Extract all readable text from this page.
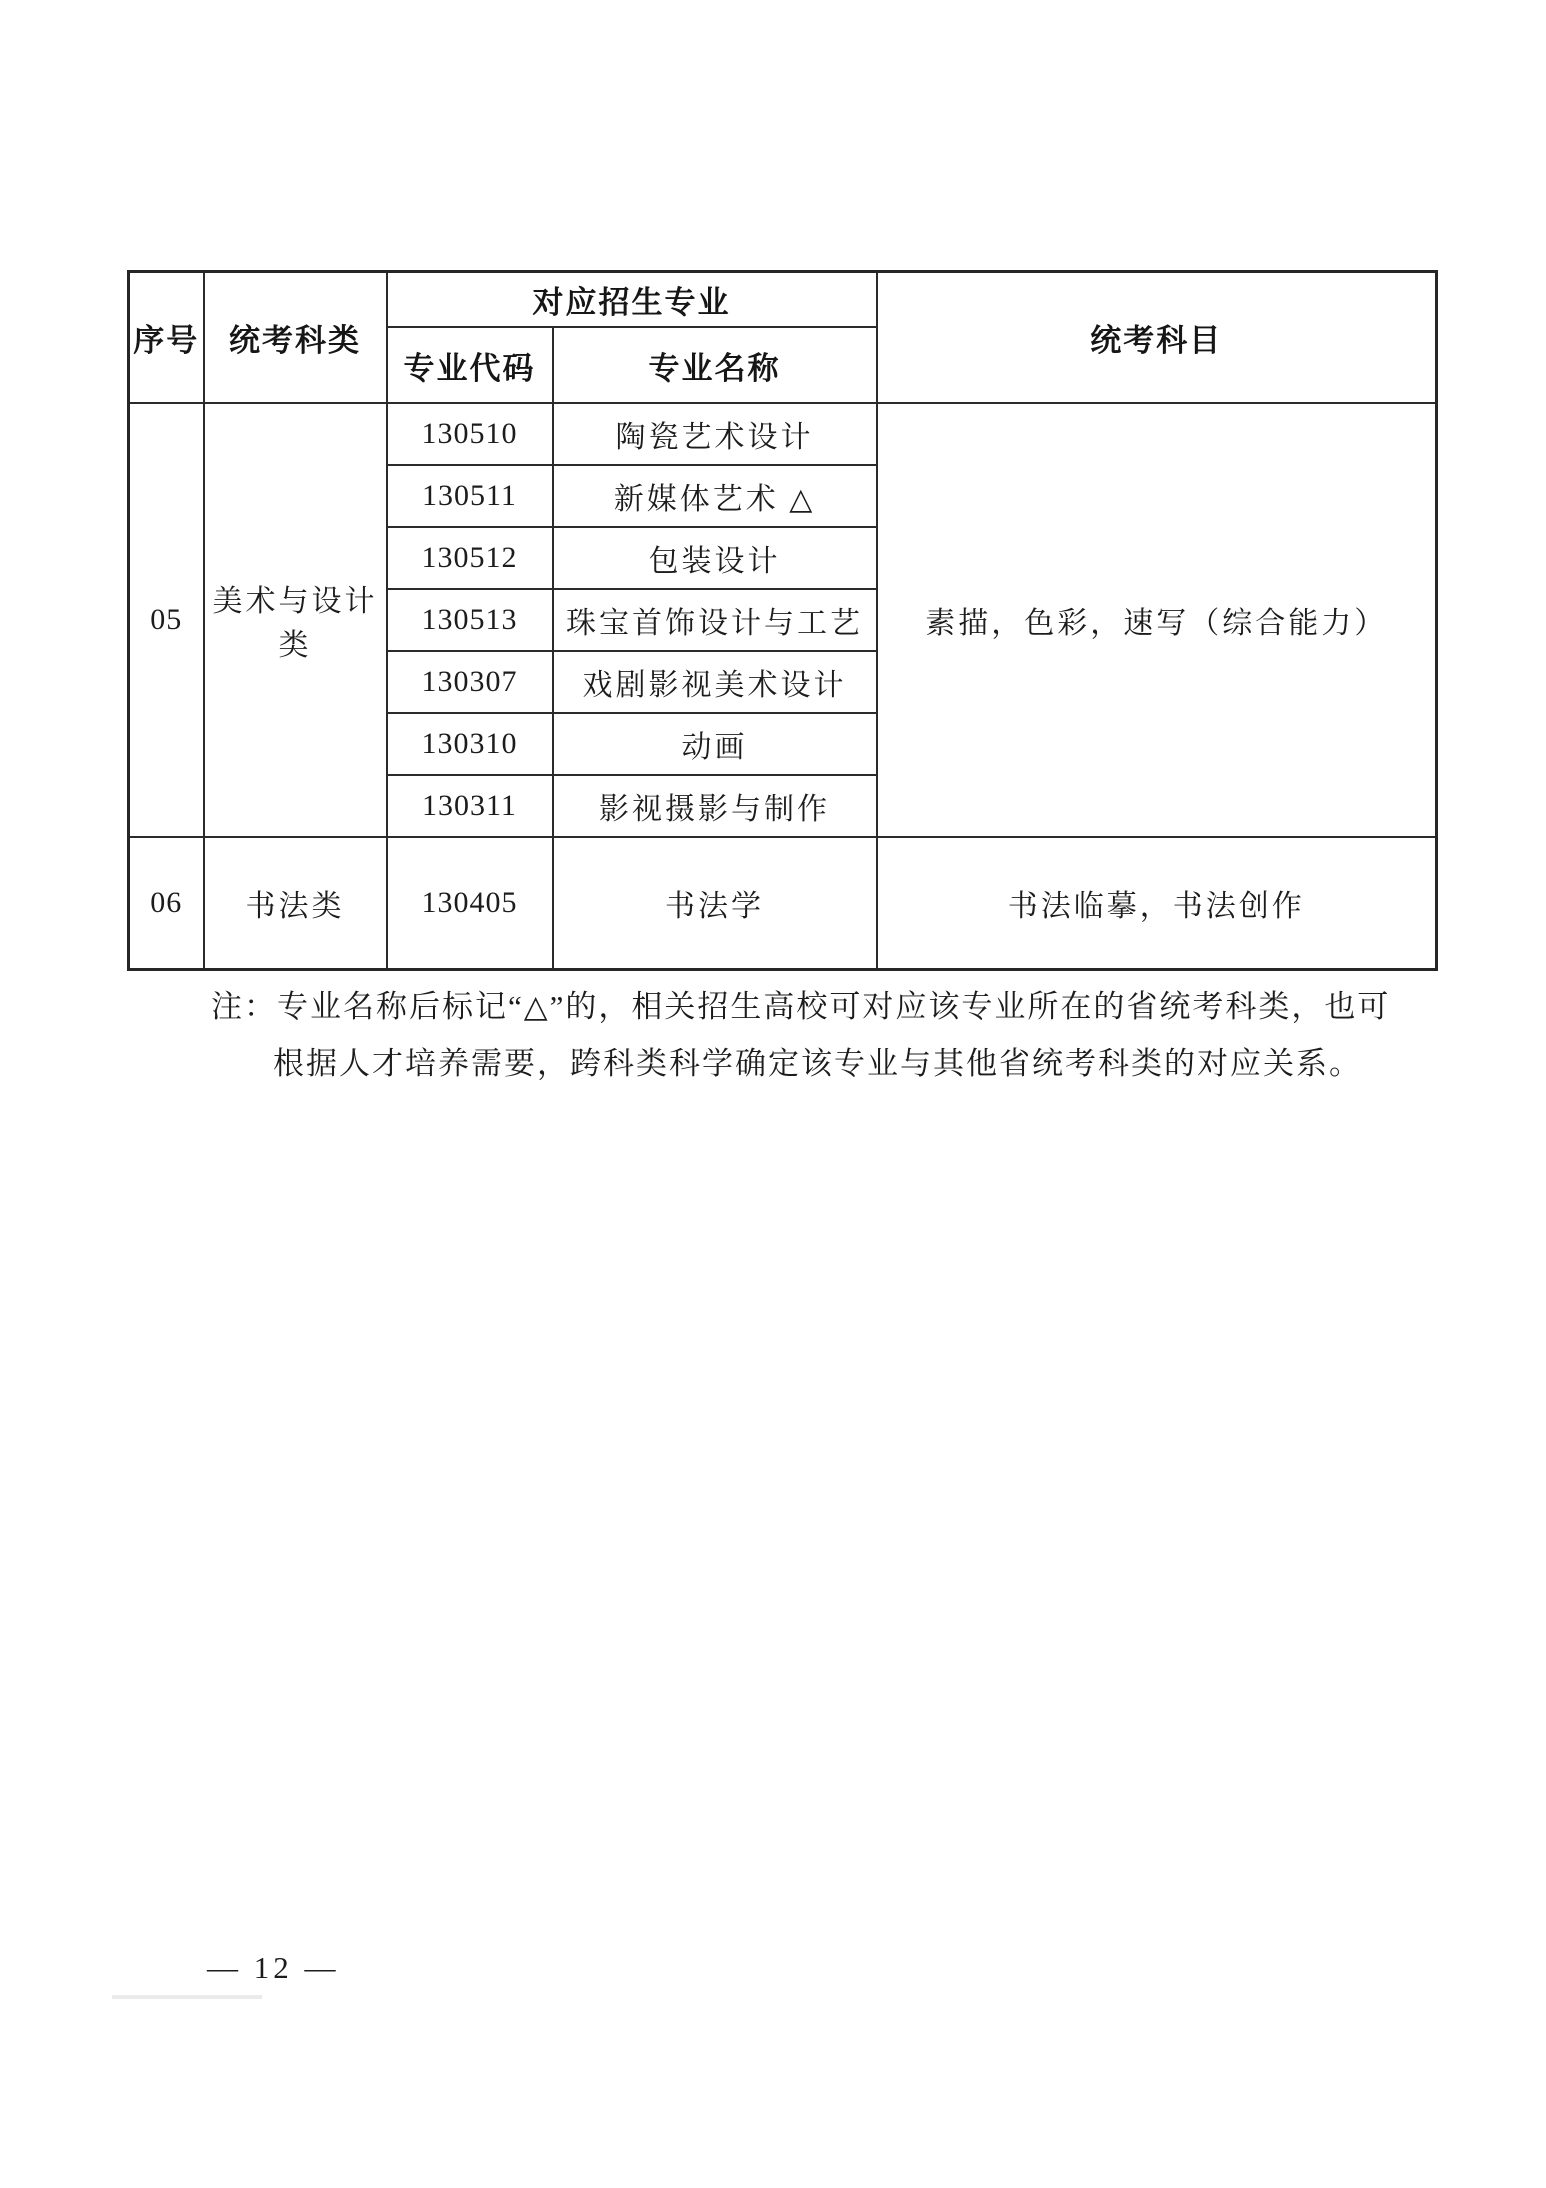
序号	统考科类	对应招生专业		统考科目
		专业代码	专业名称	
05	美术与设计类	130510	陶瓷艺术设计	素描，色彩，速写（综合能力）
		130511	新媒体艺术 △	
		130512	包装设计	
		130513	珠宝首饰设计与工艺	
		130307	戏剧影视美术设计	
		130310	动画	
		130311	影视摄影与制作	
06	书法类	130405	书法学	书法临摹，书法创作
注：专业名称后标记“△”的，相关招生高校可对应该专业所在的省统考科类，也可
根据人才培养需要，跨科类科学确定该专业与其他省统考科类的对应关系。
— 12 —
